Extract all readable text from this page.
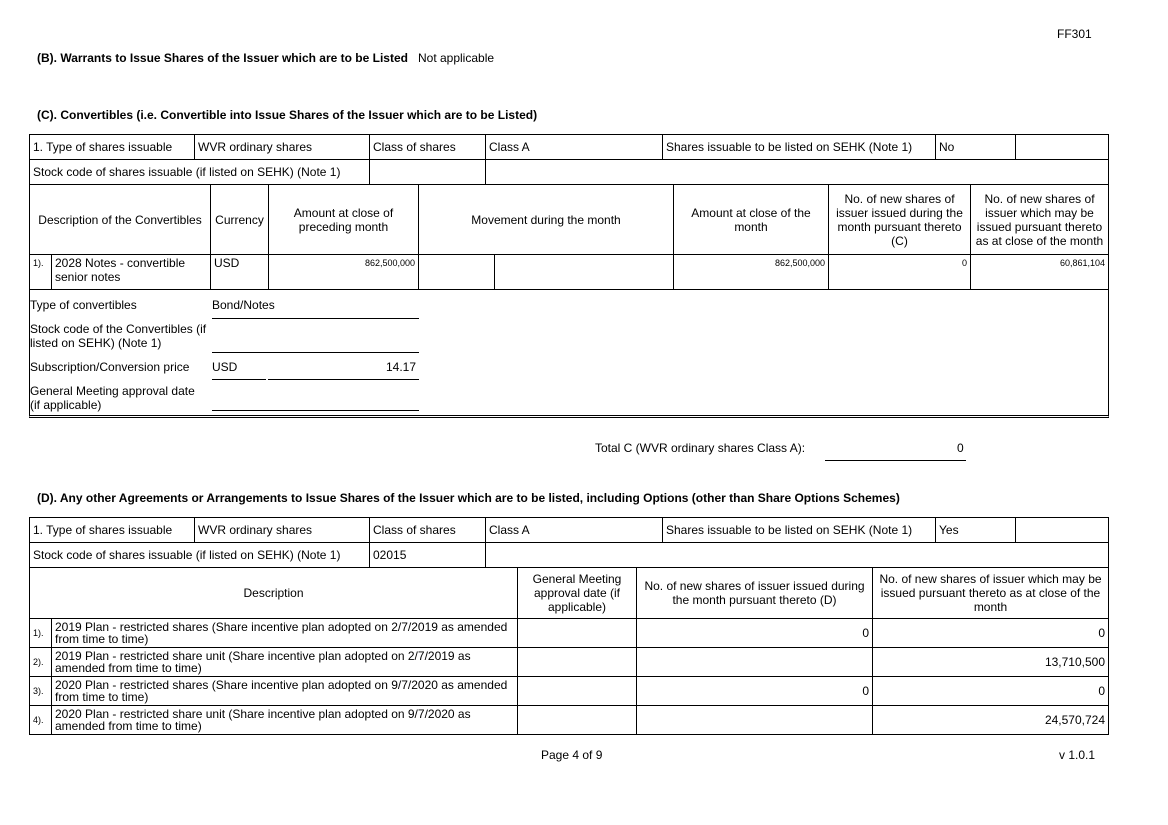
FF301
(B). Warrants to Issue Shares of the Issuer which are to be Listed Not applicable
(C). Convertibles (i.e. Convertible into Issue Shares of the Issuer which are to be Listed)
1. Type of shares issuable	WVR ordinary shares	Class of shares	Class A	Shares issuable to be listed on SEHK (Note 1)	No	
Stock code of shares issuable (if listed on SEHK) (Note 1)						
Description of the Convertibles	Currency	Amount at close of preceding month	Movement during the month	Amount at close of the month	No. of new shares of issuer issued during the month pursuant thereto (C)	No. of new shares of issuer which may be issued pursuant thereto as at close of the month
1).	2028 Notes - convertible senior notes	USD	862,500,000			862,500,000	0	60,861,104
Type of convertibles	Bond/Notes
Stock code of the Convertibles (if listed on SEHK) (Note 1)
Subscription/Conversion price USD	14.17
General Meeting approval date (if applicable)
Total C (WVR ordinary shares Class A):	0
(D). Any other Agreements or Arrangements to Issue Shares of the Issuer which are to be listed, including Options (other than Share Options Schemes)
1. Type of shares issuable	WVR ordinary shares	Class of shares	Class A	Shares issuable to be listed on SEHK (Note 1)	Yes	
Stock code of shares issuable (if listed on SEHK) (Note 1)		02015				
Description		General Meeting approval date (if applicable)	No. of new shares of issuer issued during the month pursuant thereto (D)	No. of new shares of issuer which may be issued pursuant thereto as at close of the month
1).	2019 Plan - restricted shares (Share incentive plan adopted on 2/7/2019 as amended from time to time)		0	0
2).	2019 Plan - restricted share unit (Share incentive plan adopted on 2/7/2019 as amended from time to time)			13,710,500
3).	2020 Plan - restricted shares (Share incentive plan adopted on 9/7/2020 as amended from time to time)		0	0
4).	2020 Plan - restricted share unit (Share incentive plan adopted on 9/7/2020 as amended from time to time)			24,570,724
Page 4 of 9	v 1.0.1
